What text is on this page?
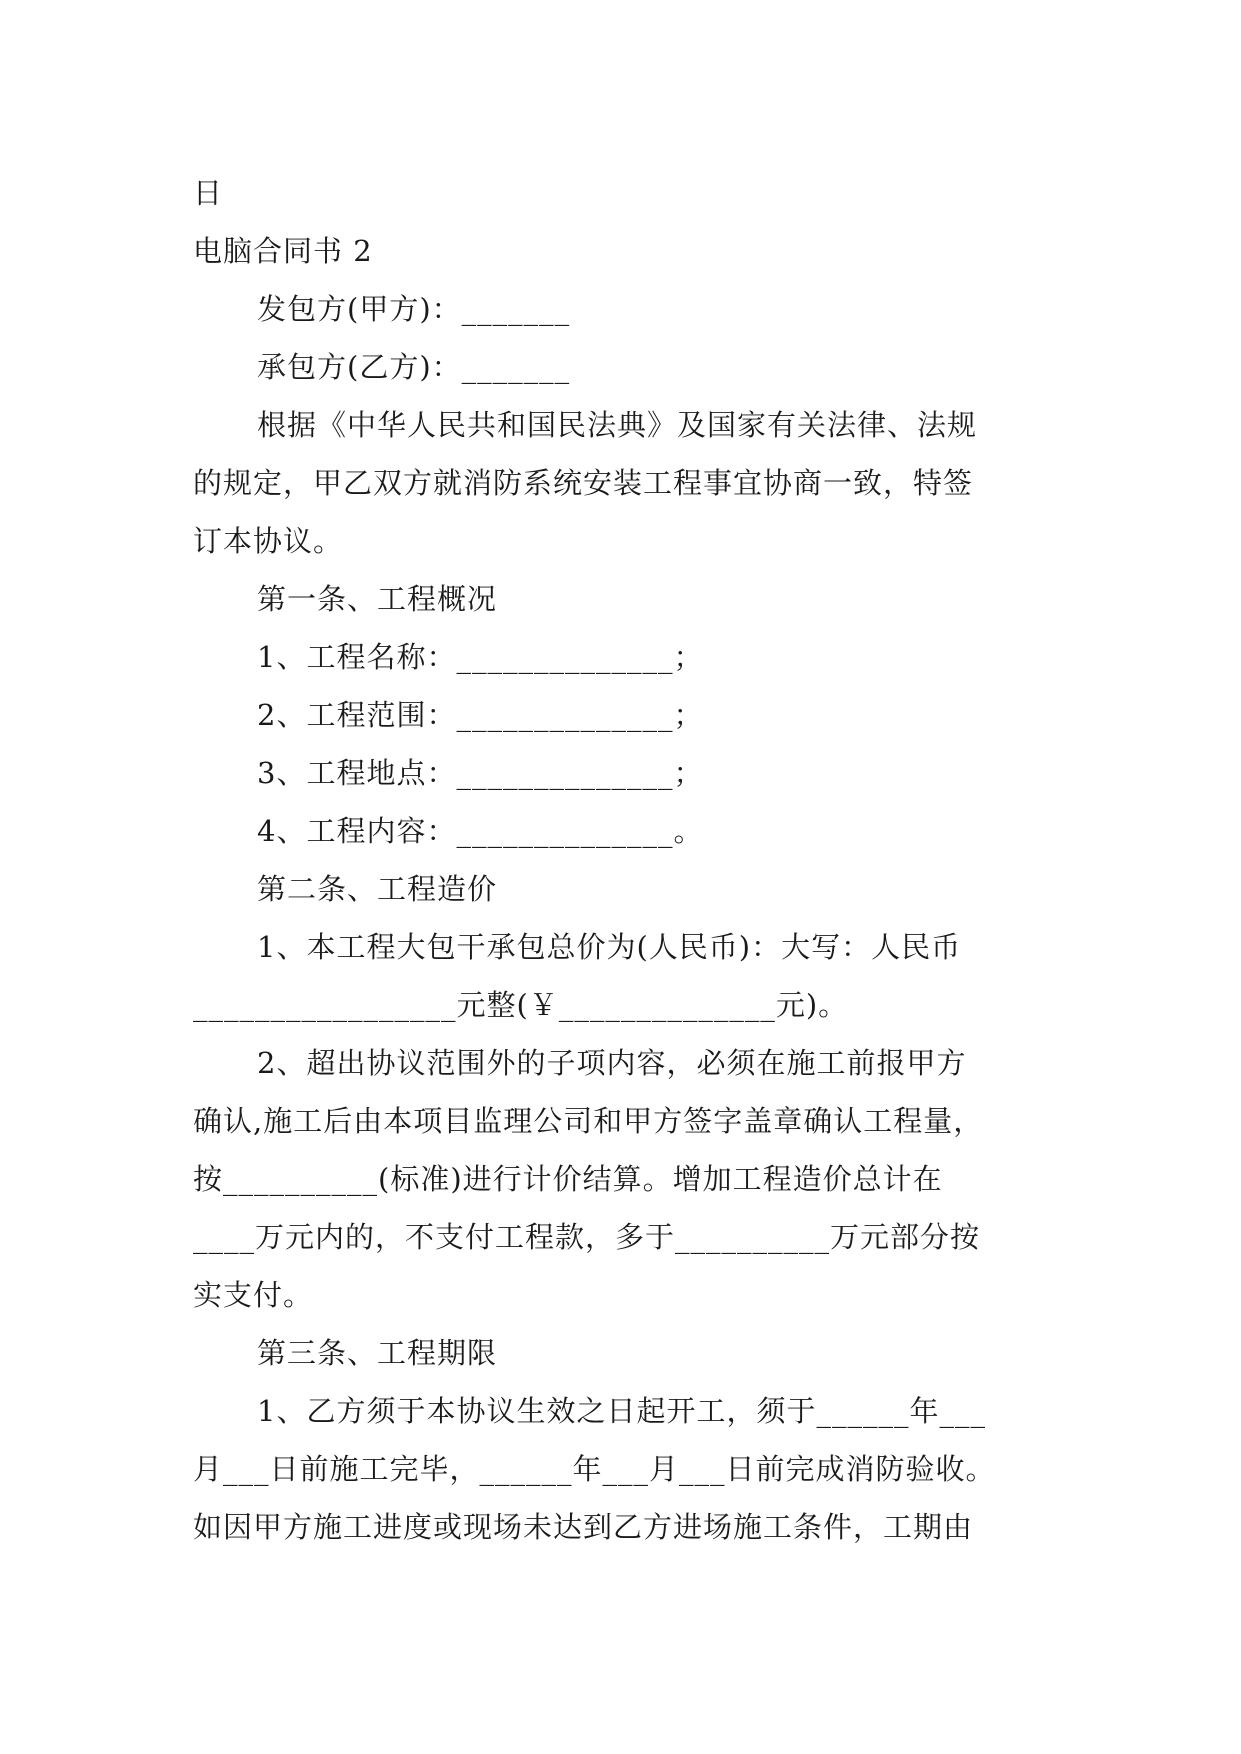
日
电脑合同书 2
发包方(甲方)：_______
承包方(乙方)：_______
根据《中华人民共和国民法典》及国家有关法律、法规
的规定，甲乙双方就消防系统安装工程事宜协商一致，特签
订本协议。
第一条、工程概况
1、工程名称：______________；
2、工程范围：______________；
3、工程地点：______________；
4、工程内容：______________。
第二条、工程造价
1、本工程大包干承包总价为(人民币)：大写：人民币
_________________元整(￥______________元)。
2、超出协议范围外的子项内容，必须在施工前报甲方
确认,施工后由本项目监理公司和甲方签字盖章确认工程量，
按__________(标准)进行计价结算。增加工程造价总计在
____万元内的，不支付工程款，多于__________万元部分按
实支付。
第三条、工程期限
1、乙方须于本协议生效之日起开工，须于______年___
月___日前施工完毕，______年___月___日前完成消防验收。
如因甲方施工进度或现场未达到乙方进场施工条件，工期由
